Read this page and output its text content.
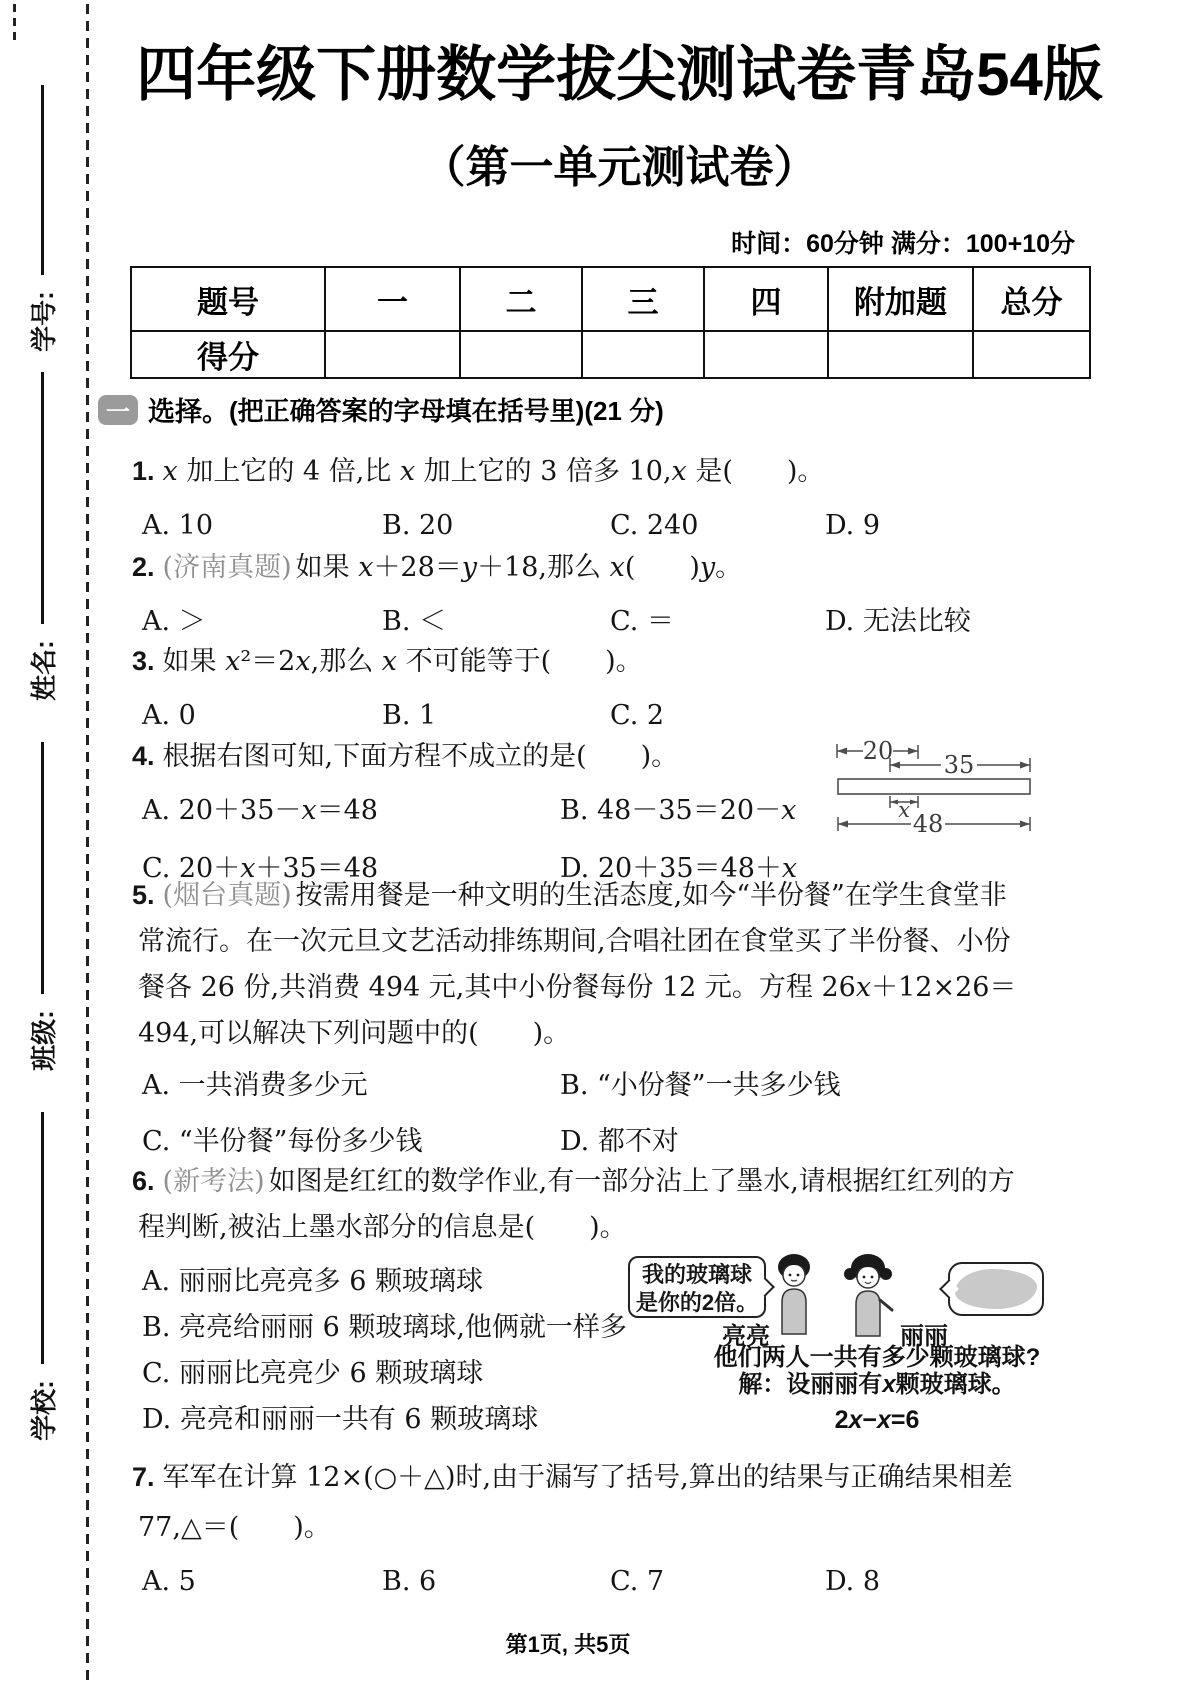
学号:
姓名:
班级:
学校:
四年级下册数学拔尖测试卷青岛54版
（第一单元测试卷）
时间：60分钟 满分：100+10分
题号	一	二	三	四	附加题	总分
得分						
一 选择。 (把正确答案的字母填在括号里)(21 分)
1. x 加上它的 4 倍,比 x 加上它的 3 倍多 10,x 是(　　)。
A. 10	B. 20	C. 240	D. 9
2. (济南真题) 如果 x＋28＝y＋18,那么 x(　　)y。
A. ＞	B. ＜	C. ＝	D. 无法比较
3. 如果 x²＝2x,那么 x 不可能等于(　　)。
A. 0	B. 1	C. 2
4. 根据右图可知,下面方程不成立的是(　　)。
A. 20＋35－x＝48	B. 48－35＝20－x
C. 20＋x＋35＝48	D. 20＋35＝48＋x
20 35
x 48
5. (烟台真题) 按需用餐是一种文明的生活态度,如今“半份餐”在学生食堂非
常流行。在一次元旦文艺活动排练期间,合唱社团在食堂买了半份餐、小份
餐各 26 份,共消费 494 元,其中小份餐每份 12 元。方程 26x＋12×26＝
494,可以解决下列问题中的(　　)。
A. 一共消费多少元	B. “小份餐”一共多少钱
C. “半份餐”每份多少钱	D. 都不对
6. (新考法) 如图是红红的数学作业,有一部分沾上了墨水,请根据红红列的方
程判断,被沾上墨水部分的信息是(　　)。
A. 丽丽比亮亮多 6 颗玻璃球
B. 亮亮给丽丽 6 颗玻璃球,他俩就一样多
C. 丽丽比亮亮少 6 颗玻璃球
D. 亮亮和丽丽一共有 6 颗玻璃球
我的玻璃球
是你的2倍。
亮亮	丽丽
他们两人一共有多少颗玻璃球?
解：设丽丽有x颗玻璃球。
2x−x=6
7. 军军在计算 12×(○＋△)时,由于漏写了括号,算出的结果与正确结果相差
77,△＝(　　)。
A. 5	B. 6	C. 7	D. 8
第1页, 共5页
